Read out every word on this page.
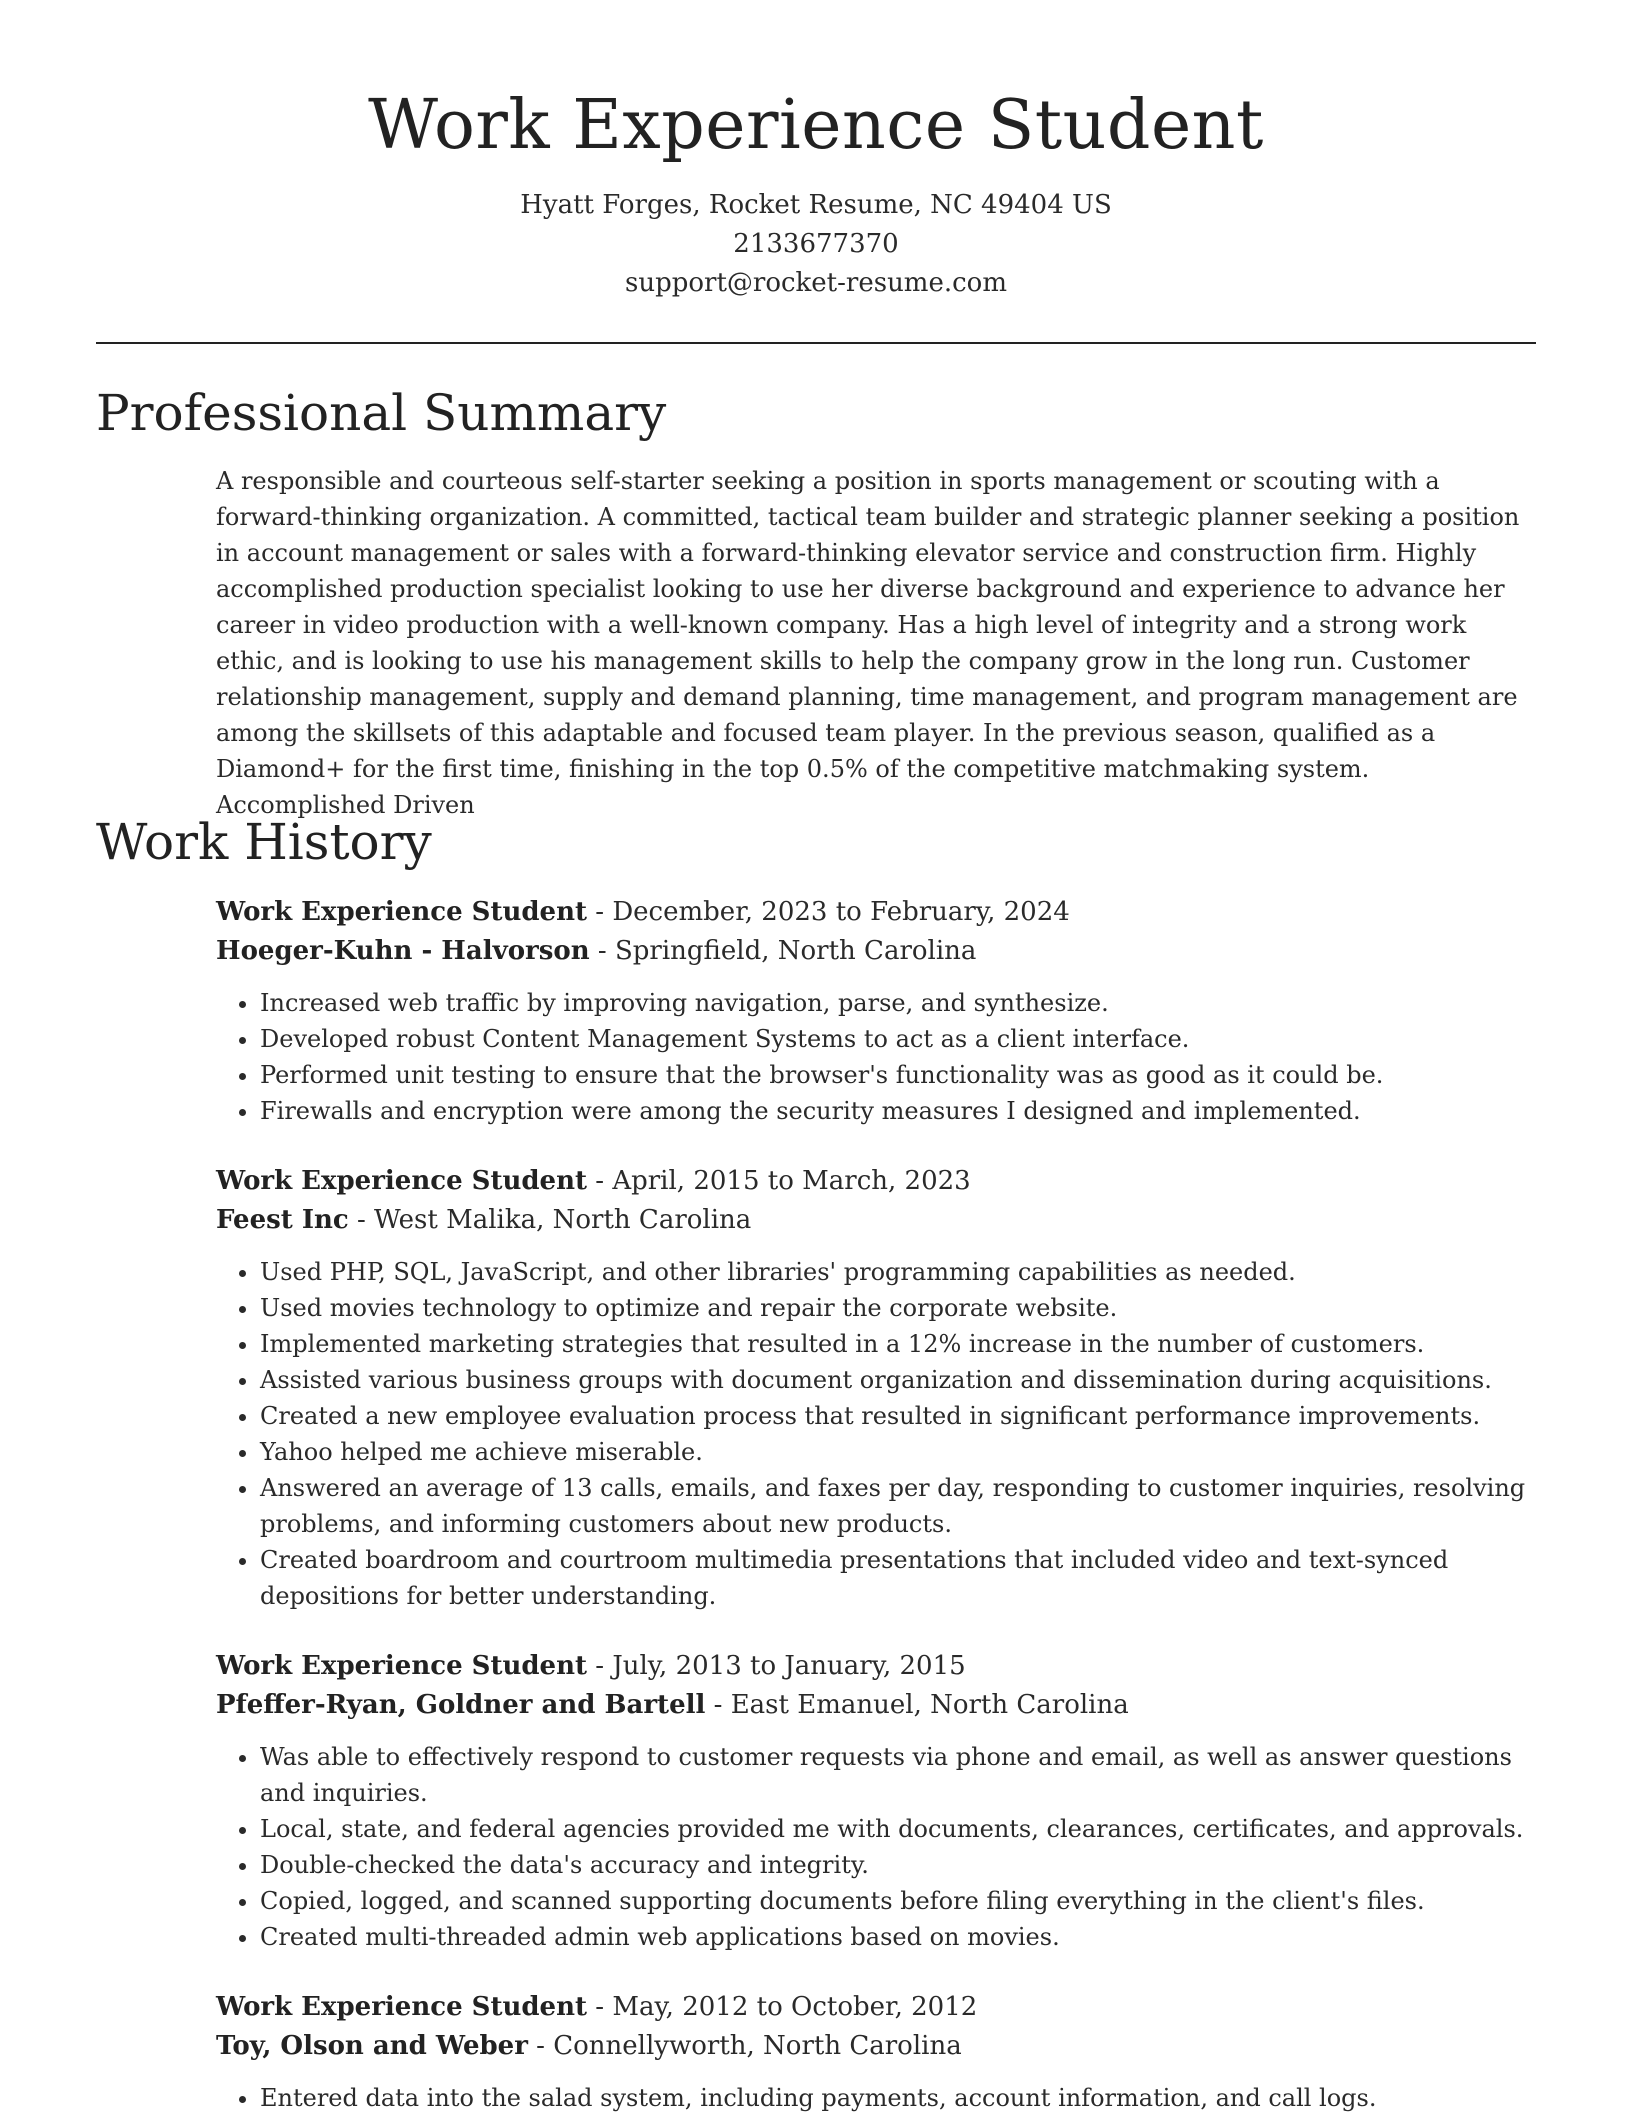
Work Experience Student
Hyatt Forges, Rocket Resume, NC 49404 US
2133677370
support@rocket-resume.com
Professional Summary

A responsible and courteous self-starter seeking a position in sports management or scouting with a forward-thinking organization. A committed, tactical team builder and strategic planner seeking a position in account management or sales with a forward-thinking elevator service and construction firm. Highly accomplished production specialist looking to use her diverse background and experience to advance her career in video production with a well-known company. Has a high level of integrity and a strong work ethic, and is looking to use his management skills to help the company grow in the long run. Customer relationship management, supply and demand planning, time management, and program management are among the skillsets of this adaptable and focused team player. In the previous season, qualified as a Diamond+ for the first time, finishing in the top 0.5% of the competitive matchmaking system. Accomplished Driven

Work History
Work Experience Student - December, 2023 to February, 2024
Hoeger-Kuhn - Halvorson - Springfield, North Carolina
• Increased web traffic by improving navigation, parse, and synthesize.
• Developed robust Content Management Systems to act as a client interface.
• Performed unit testing to ensure that the browser's functionality was as good as it could be.
• Firewalls and encryption were among the security measures I designed and implemented.
Work Experience Student - April, 2015 to March, 2023
Feest Inc - West Malika, North Carolina
• Used PHP, SQL, JavaScript, and other libraries' programming capabilities as needed.
• Used movies technology to optimize and repair the corporate website.
• Implemented marketing strategies that resulted in a 12% increase in the number of customers.
• Assisted various business groups with document organization and dissemination during acquisitions.
• Created a new employee evaluation process that resulted in significant performance improvements.
• Yahoo helped me achieve miserable.
• Answered an average of 13 calls, emails, and faxes per day, responding to customer inquiries, resolving problems, and informing customers about new products.
• Created boardroom and courtroom multimedia presentations that included video and text-synced depositions for better understanding.
Work Experience Student - July, 2013 to January, 2015
Pfeffer-Ryan, Goldner and Bartell - East Emanuel, North Carolina
• Was able to effectively respond to customer requests via phone and email, as well as answer questions and inquiries.
• Local, state, and federal agencies provided me with documents, clearances, certificates, and approvals.
• Double-checked the data's accuracy and integrity.
• Copied, logged, and scanned supporting documents before filing everything in the client's files.
• Created multi-threaded admin web applications based on movies.
Work Experience Student - May, 2012 to October, 2012
Toy, Olson and Weber - Connellyworth, North Carolina
• Entered data into the salad system, including payments, account information, and call logs.
